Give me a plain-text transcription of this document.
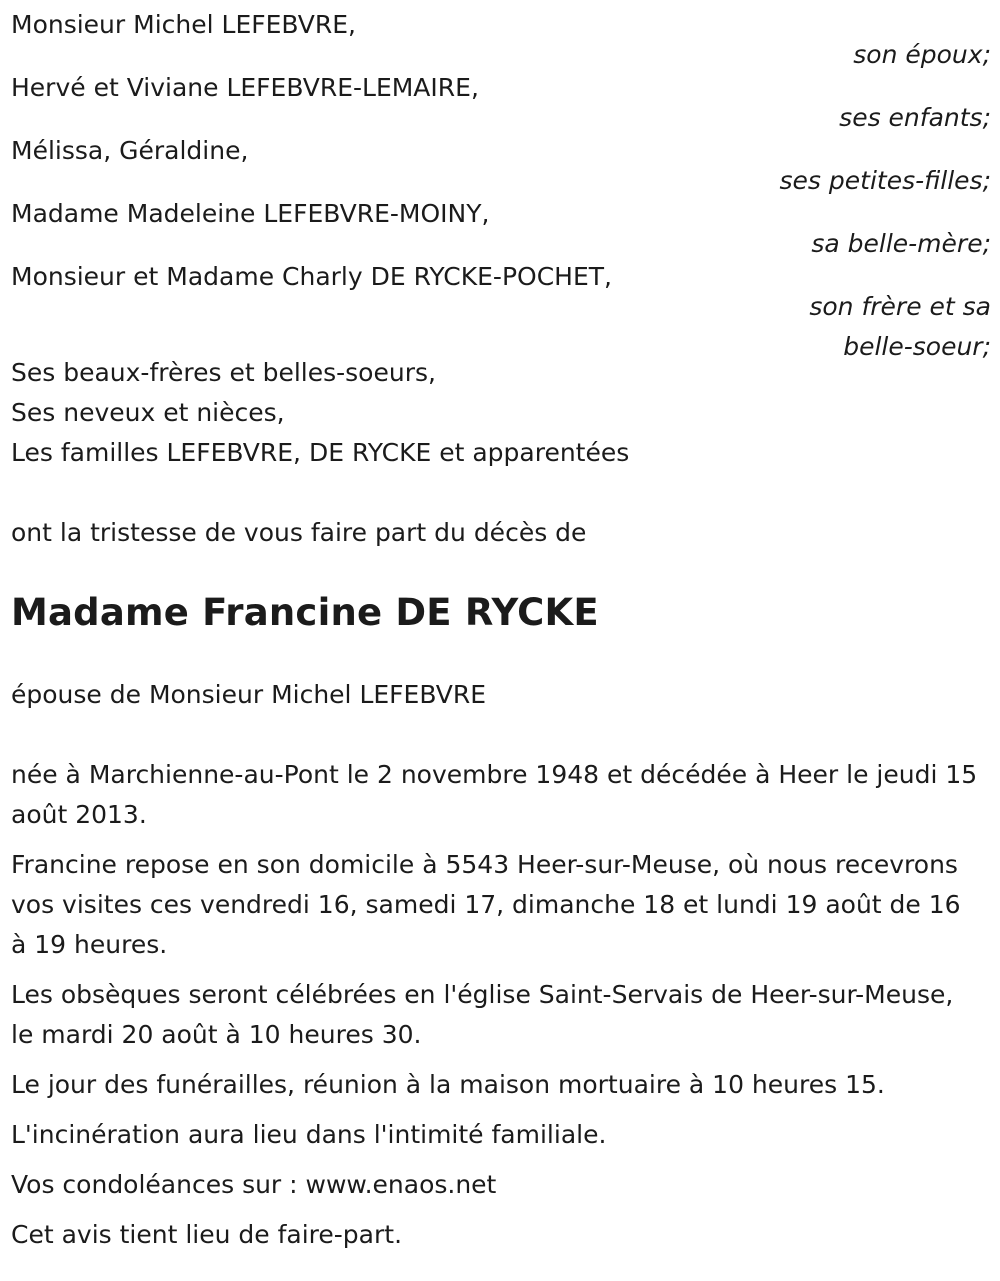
Monsieur Michel LEFEBVRE,
son époux;
Hervé et Viviane LEFEBVRE-LEMAIRE,
ses enfants;
Mélissa, Géraldine,
ses petites-filles;
Madame Madeleine LEFEBVRE-MOINY,
sa belle-mère;
Monsieur et Madame Charly DE RYCKE-POCHET,
son frère et sa belle-soeur;
Ses beaux-frères et belles-soeurs,
Ses neveux et nièces,
Les familles LEFEBVRE, DE RYCKE et apparentées
ont la tristesse de vous faire part du décès de
Madame Francine DE RYCKE
épouse de Monsieur Michel LEFEBVRE

née à Marchienne-au-Pont le 2 novembre 1948 et décédée à Heer le jeudi 15 août 2013.

Francine repose en son domicile à 5543 Heer-sur-Meuse, où nous recevrons vos visites ces vendredi 16, samedi 17, dimanche 18 et lundi 19 août de 16 à 19 heures.

Les obsèques seront célébrées en l'église Saint-Servais de Heer-sur-Meuse, le mardi 20 août à 10 heures 30.

Le jour des funérailles, réunion à la maison mortuaire à 10 heures 15.

L'incinération aura lieu dans l'intimité familiale.

Vos condoléances sur : www.enaos.net

Cet avis tient lieu de faire-part.
